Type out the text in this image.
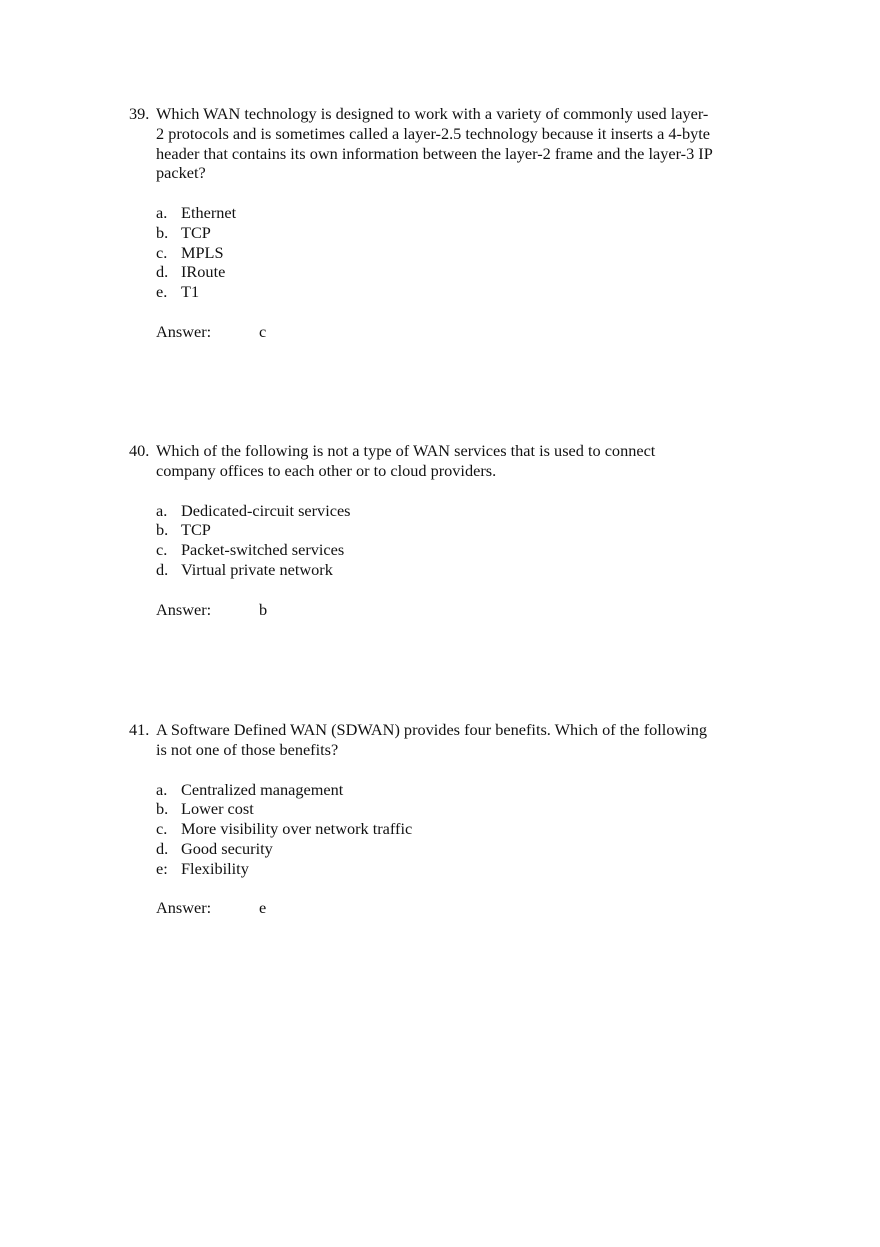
39. Which WAN technology is designed to work with a variety of commonly used layer-
2 protocols and is sometimes called a layer-2.5 technology because it inserts a 4-byte
header that contains its own information between the layer-2 frame and the layer-3 IP
packet?
a. Ethernet
b. TCP
c. MPLS
d. IRoute
e. T1
Answer:	c
40. Which of the following is not a type of WAN services that is used to connect
company offices to each other or to cloud providers.
a. Dedicated-circuit services
b. TCP
c. Packet-switched services
d. Virtual private network
Answer:	b
41. A Software Defined WAN (SDWAN) provides four benefits. Which of the following
is not one of those benefits?
a. Centralized management
b. Lower cost
c. More visibility over network traffic
d. Good security
e: Flexibility
Answer:	e
